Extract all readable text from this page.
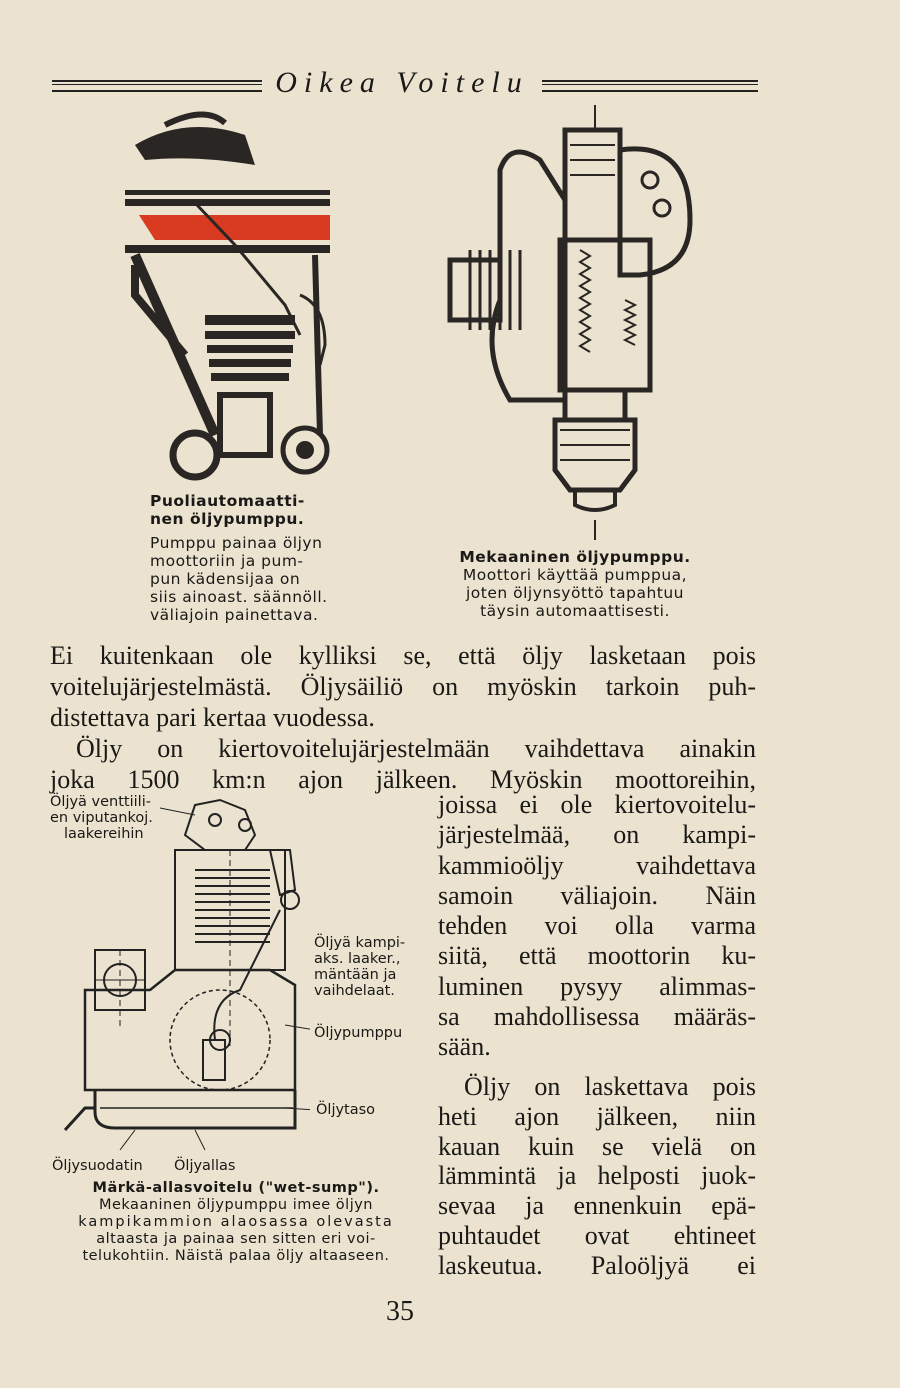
Oikea Voitelu
Puoliautomaatti-
nen öljypumppu.
Pumppu painaa öljyn
moottoriin ja pum-
pun kädensijaa on
siis ainoast. säännöll.
väliajoin painettava.
Mekaaninen öljypumppu.
Moottori käyttää pumppua,
joten öljynsyöttö tapahtuu
täysin automaattisesti.
Ei kuitenkaan ole kylliksi se, että öljy lasketaan pois
voitelujärjestelmästä. Öljysäiliö on myöskin tarkoin puh-
distettava pari kertaa vuodessa.
Öljy on kiertovoitelujärjestelmään vaihdettava ainakin
joka 1500 km:n ajon jälkeen. Myöskin moottoreihin,
joissa ei ole kiertovoitelu-
järjestelmää, on kampi-
kammioöljy vaihdettava
samoin väliajoin. Näin
tehden voi olla varma
siitä, että moottorin ku-
luminen pysyy alimmas-
sa mahdollisessa määräs-
sään.
Öljy on laskettava pois
heti ajon jälkeen, niin
kauan kuin se vielä on
lämmintä ja helposti juok-
sevaa ja ennenkuin epä-
puhtaudet ovat ehtineet
laskeutua. Paloöljyä ei
Öljyä venttiili-
en viputankoj.
laakereihin
Öljyä kampi-
aks. laaker.,
mäntään ja
vaihdelaat.
Öljypumppu
Öljytaso
Öljysuodatin Öljyallas
Märkä-allasvoitelu ("wet-sump").
Mekaaninen öljypumppu imee öljyn
kampikammion alaosassa olevasta
altaasta ja painaa sen sitten eri voi-
telukohtiin. Näistä palaa öljy altaaseen.
35
